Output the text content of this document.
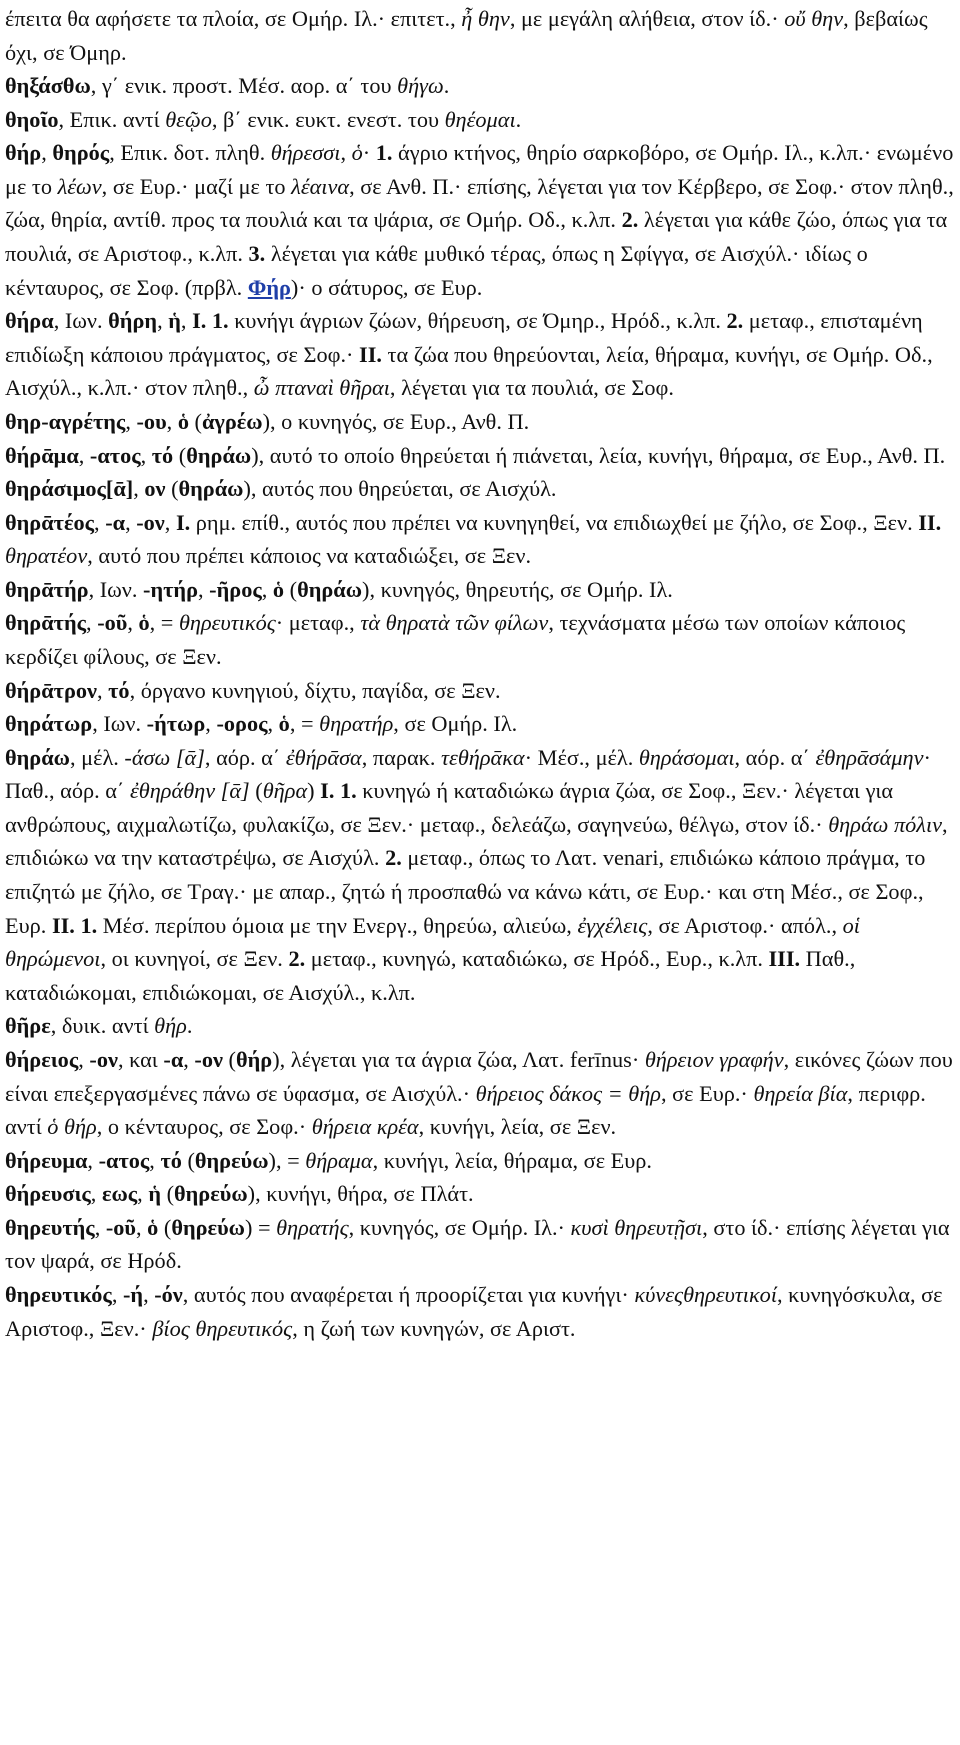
έπειτα θα αφήσετε τα πλοία, σε Ομήρ. Ιλ.· επιτετ., ἦ θην, με μεγάλη αλήθεια, στον ίδ.· οὔ θην, βεβαίως όχι, σε Όμηρ.

θηξάσθω, γ΄ ενικ. προστ. Μέσ. αορ. α΄ του θήγω.

θηοῖο, Επικ. αντί θεῷο, β΄ ενικ. ευκτ. ενεστ. του θηέομαι.

θήρ, θηρός, Επικ. δοτ. πληθ. θήρεσσι, ὁ· 1. άγριο κτήνος, θηρίο σαρκοβόρο, σε Ομήρ. Ιλ., κ.λπ.· ενωμένο με το λέων, σε Ευρ.· μαζί με το λέαινα, σε Ανθ. Π.· επίσης, λέγεται για τον Κέρβερο, σε Σοφ.· στον πληθ., ζώα, θηρία, αντίθ. προς τα πουλιά και τα ψάρια, σε Ομήρ. Οδ., κ.λπ. 2. λέγεται για κάθε ζώο, όπως για τα πουλιά, σε Αριστοφ., κ.λπ. 3. λέγεται για κάθε μυθικό τέρας, όπως η Σφίγγα, σε Αισχύλ.· ιδίως ο κένταυρος, σε Σοφ. (πρβλ. Φήρ)· ο σάτυρος, σε Ευρ.

θήρα, Ιων. θήρη, ἡ, I. 1. κυνήγι άγριων ζώων, θήρευση, σε Όμηρ., Ηρόδ., κ.λπ. 2. μεταφ., επισταμένη επιδίωξη κάποιου πράγματος, σε Σοφ.· II. τα ζώα που θηρεύονται, λεία, θήραμα, κυνήγι, σε Ομήρ. Οδ., Αισχύλ., κ.λπ.· στον πληθ., ὦ πταναὶ θῆραι, λέγεται για τα πουλιά, σε Σοφ.

θηρ-αγρέτης, -ου, ὁ (ἀγρέω), ο κυνηγός, σε Ευρ., Ανθ. Π.

θήρᾱμα, -ατος, τό (θηράω), αυτό το οποίο θηρεύεται ή πιάνεται, λεία, κυνήγι, θήραμα, σε Ευρ., Ανθ. Π.

θηράσιμος[ᾱ], ον (θηράω), αυτός που θηρεύεται, σε Αισχύλ.

θηρᾱτέος, -α, -ον, I. ρημ. επίθ., αυτός που πρέπει να κυνηγηθεί, να επιδιωχθεί με ζήλο, σε Σοφ., Ξεν. II. θηρατέον, αυτό που πρέπει κάποιος να καταδιώξει, σε Ξεν.

θηρᾱτήρ, Ιων. -ητήρ, -ῆρος, ὁ (θηράω), κυνηγός, θηρευτής, σε Ομήρ. Ιλ.

θηρᾱτής, -οῦ, ὁ, = θηρευτικός· μεταφ., τὰ θηρατὰ τῶν φίλων, τεχνάσματα μέσω των οποίων κάποιος κερδίζει φίλους, σε Ξεν.

θήρᾱτρον, τό, όργανο κυνηγιού, δίχτυ, παγίδα, σε Ξεν.

θηράτωρ, Ιων. -ήτωρ, -ορος, ὁ, = θηρατήρ, σε Ομήρ. Ιλ.

θηράω, μέλ. -άσω [ᾱ], αόρ. α΄ ἐθήρᾱσα, παρακ. τεθήρᾱκα· Μέσ., μέλ. θηράσομαι, αόρ. α΄ ἐθηρᾱσάμην· Παθ., αόρ. α΄ ἐθηράθην [ᾱ] (θῆρα) I. 1. κυνηγώ ή καταδιώκω άγρια ζώα, σε Σοφ., Ξεν.· λέγεται για ανθρώπους, αιχμαλωτίζω, φυλακίζω, σε Ξεν.· μεταφ., δελεάζω, σαγηνεύω, θέλγω, στον ίδ.· θηράω πόλιν, επιδιώκω να την καταστρέψω, σε Αισχύλ. 2. μεταφ., όπως το Λατ. venari, επιδιώκω κάποιο πράγμα, το επιζητώ με ζήλο, σε Τραγ.· με απαρ., ζητώ ή προσπαθώ να κάνω κάτι, σε Ευρ.· και στη Μέσ., σε Σοφ., Ευρ. II. 1. Μέσ. περίπου όμοια με την Ενεργ., θηρεύω, αλιεύω, ἐγχέλεις, σε Αριστοφ.· απόλ., οἱ θηρώμενοι, οι κυνηγοί, σε Ξεν. 2. μεταφ., κυνηγώ, καταδιώκω, σε Ηρόδ., Ευρ., κ.λπ. III. Παθ., καταδιώκομαι, επιδιώκομαι, σε Αισχύλ., κ.λπ.

θῆρε, δυικ. αντί θήρ.

θήρειος, -ον, και -α, -ον (θήρ), λέγεται για τα άγρια ζώα, Λατ. ferīnus· θήρειον γραφήν, εικόνες ζώων που είναι επεξεργασμένες πάνω σε ύφασμα, σε Αισχύλ.· θήρειος δάκος = θήρ, σε Ευρ.· θηρεία βία, περιφρ. αντί ὁ θήρ, ο κένταυρος, σε Σοφ.· θήρεια κρέα, κυνήγι, λεία, σε Ξεν.

θήρευμα, -ατος, τό (θηρεύω), = θήραμα, κυνήγι, λεία, θήραμα, σε Ευρ.

θήρευσις, εως, ἡ (θηρεύω), κυνήγι, θήρα, σε Πλάτ.

θηρευτής, -οῦ, ὁ (θηρεύω) = θηρατής, κυνηγός, σε Ομήρ. Ιλ.· κυσὶ θηρευτῇσι, στο ίδ.· επίσης λέγεται για τον ψαρά, σε Ηρόδ.

θηρευτικός, -ή, -όν, αυτός που αναφέρεται ή προορίζεται για κυνήγι· κύνεςθηρευτικοί, κυνηγόσκυλα, σε Αριστοφ., Ξεν.· βίος θηρευτικός, η ζωή των κυνηγών, σε Αριστ.
